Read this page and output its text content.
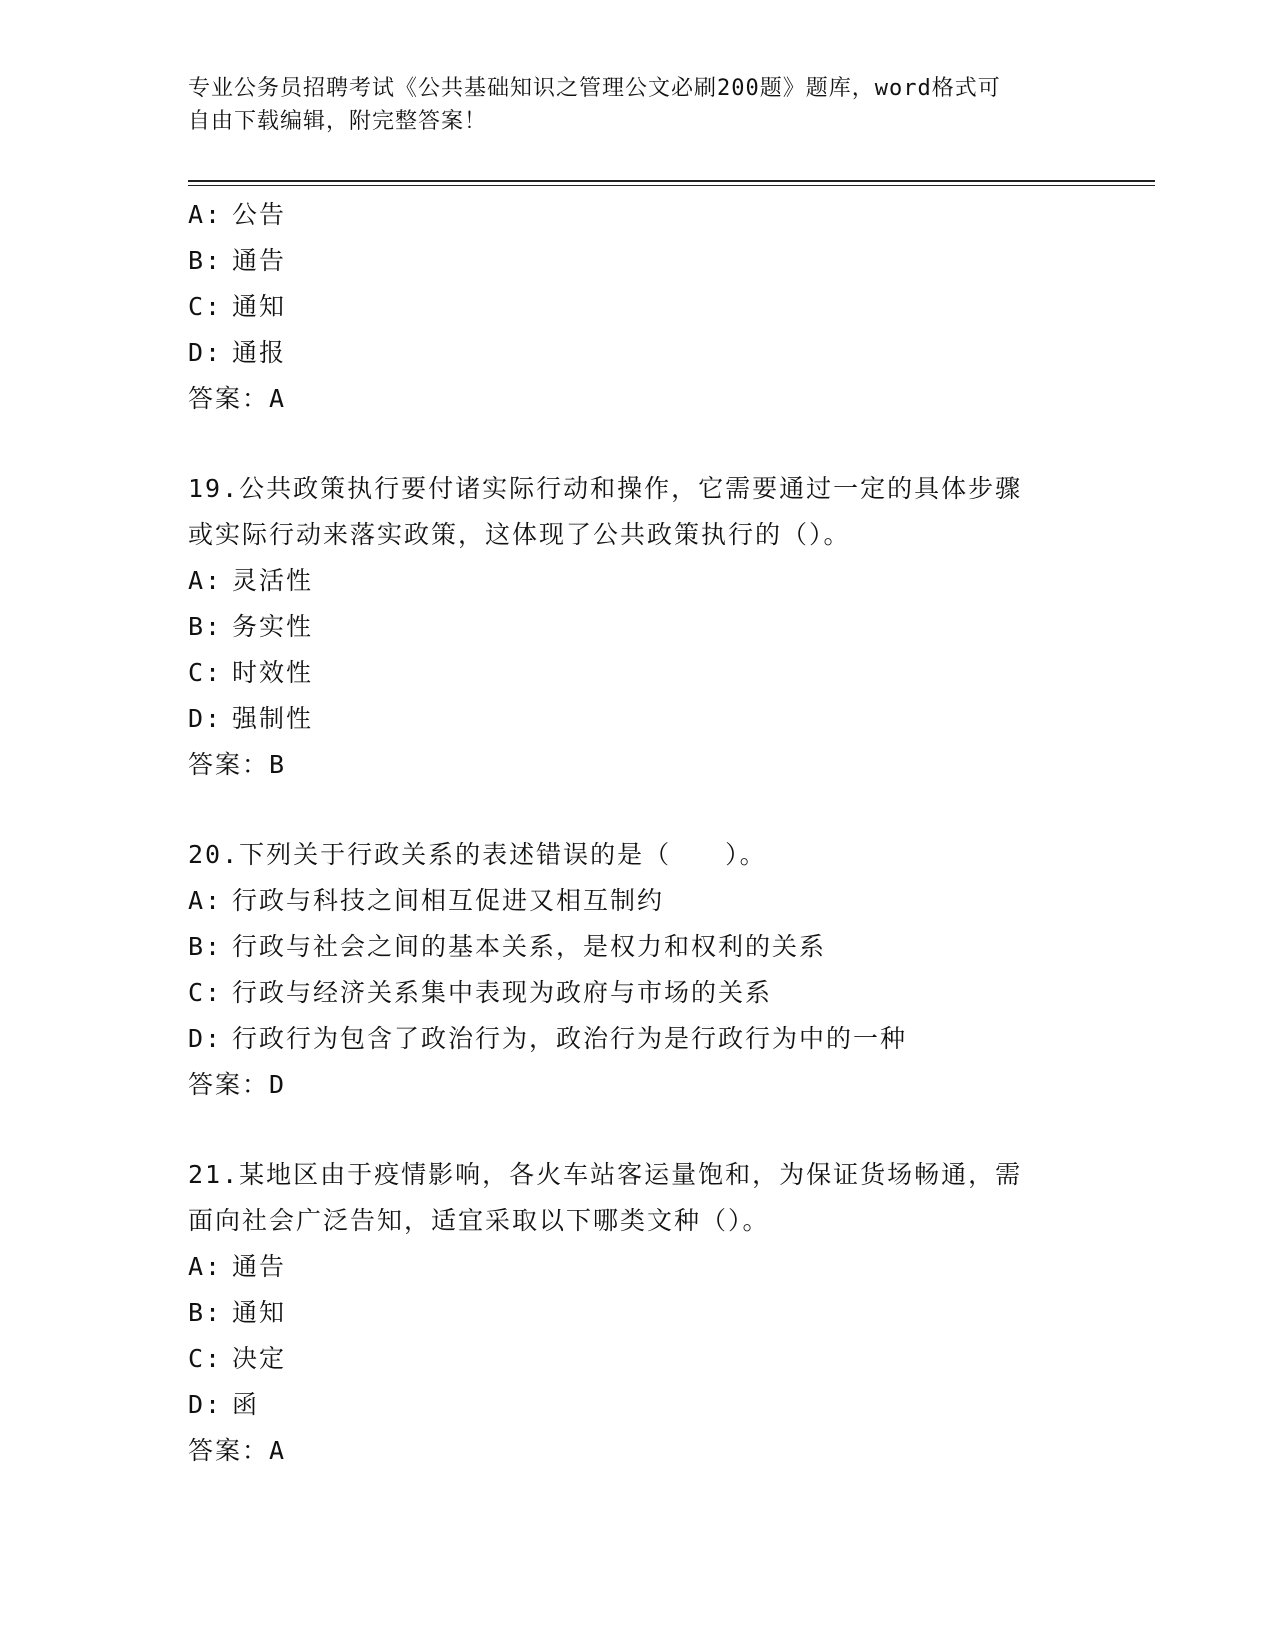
专业公务员招聘考试《公共基础知识之管理公文必刷200题》题库，word格式可
自由下载编辑，附完整答案！
A: 公告
B: 通告
C: 通知
D: 通报
答案：A
19.公共政策执行要付诸实际行动和操作，它需要通过一定的具体步骤
或实际行动来落实政策，这体现了公共政策执行的（）。
A: 灵活性
B: 务实性
C: 时效性
D: 强制性
答案：B
20.下列关于行政关系的表述错误的是（　　）。
A: 行政与科技之间相互促进又相互制约
B: 行政与社会之间的基本关系，是权力和权利的关系
C: 行政与经济关系集中表现为政府与市场的关系
D: 行政行为包含了政治行为，政治行为是行政行为中的一种
答案：D
21.某地区由于疫情影响，各火车站客运量饱和，为保证货场畅通，需
面向社会广泛告知，适宜采取以下哪类文种（）。
A: 通告
B: 通知
C: 决定
D: 函
答案：A
